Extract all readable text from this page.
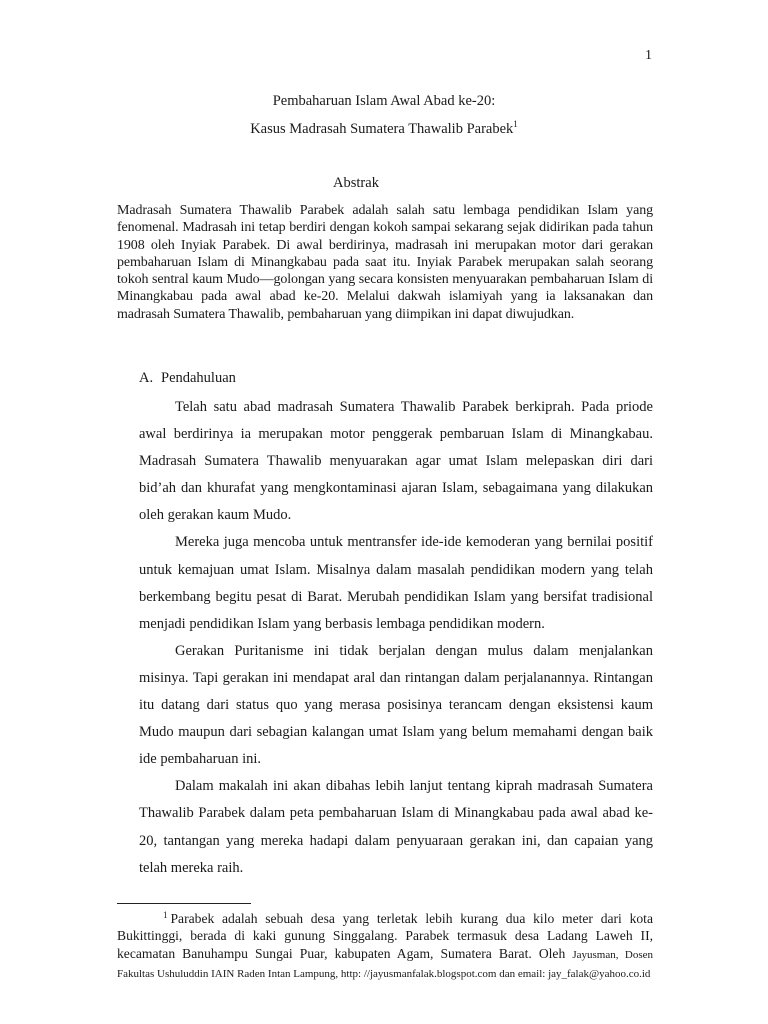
1
Pembaharuan Islam Awal Abad ke-20:
Kasus Madrasah Sumatera Thawalib Parabek$^1$
Abstrak

Madrasah Sumatera Thawalib Parabek adalah salah satu lembaga pendidikan Islam yang fenomenal. Madrasah ini tetap berdiri dengan kokoh sampai sekarang sejak didirikan pada tahun 1908 oleh Inyiak Parabek. Di awal berdirinya, madrasah ini merupakan motor dari gerakan pembaharuan Islam di Minangkabau pada saat itu. Inyiak Parabek merupakan salah seorang tokoh sentral kaum Mudo—golongan yang secara konsisten menyuarakan pembaharuan Islam di Minangkabau pada awal abad ke-20. Melalui dakwah islamiyah yang ia laksanakan dan madrasah Sumatera Thawalib, pembaharuan yang diimpikan ini dapat diwujudkan.

A. Pendahuluan

Telah satu abad madrasah Sumatera Thawalib Parabek berkiprah. Pada priode awal berdirinya ia merupakan motor penggerak pembaruan Islam di Minangkabau. Madrasah Sumatera Thawalib menyuarakan agar umat Islam melepaskan diri dari bid’ah dan khurafat yang mengkontaminasi ajaran Islam, sebagaimana yang dilakukan oleh gerakan kaum Mudo.

Mereka juga mencoba untuk mentransfer ide-ide kemoderan yang bernilai positif untuk kemajuan umat Islam. Misalnya dalam masalah pendidikan modern yang telah berkembang begitu pesat di Barat. Merubah pendidikan Islam yang bersifat tradisional menjadi pendidikan Islam yang berbasis lembaga pendidikan modern.

Gerakan Puritanisme ini tidak berjalan dengan mulus dalam menjalankan misinya. Tapi gerakan ini mendapat aral dan rintangan dalam perjalanannya. Rintangan itu datang dari status quo yang merasa posisinya terancam dengan eksistensi kaum Mudo maupun dari sebagian kalangan umat Islam yang belum memahami dengan baik ide pembaharuan ini.

Dalam makalah ini akan dibahas lebih lanjut tentang kiprah madrasah Sumatera Thawalib Parabek dalam peta pembaharuan Islam di Minangkabau pada awal abad ke-20, tantangan yang mereka hadapi dalam penyuaraan gerakan ini, dan capaian yang telah mereka raih.

$^1$ Parabek adalah sebuah desa yang terletak lebih kurang dua kilo meter dari kota Bukittinggi, berada di kaki gunung Singgalang. Parabek termasuk desa Ladang Laweh II, kecamatan Banuhampu Sungai Puar, kabupaten Agam, Sumatera Barat. Oleh Jayusman, Dosen Fakultas Ushuluddin IAIN Raden Intan Lampung, http: //jayusmanfalak.blogspot.com dan email: jay_falak@yahoo.co.id
